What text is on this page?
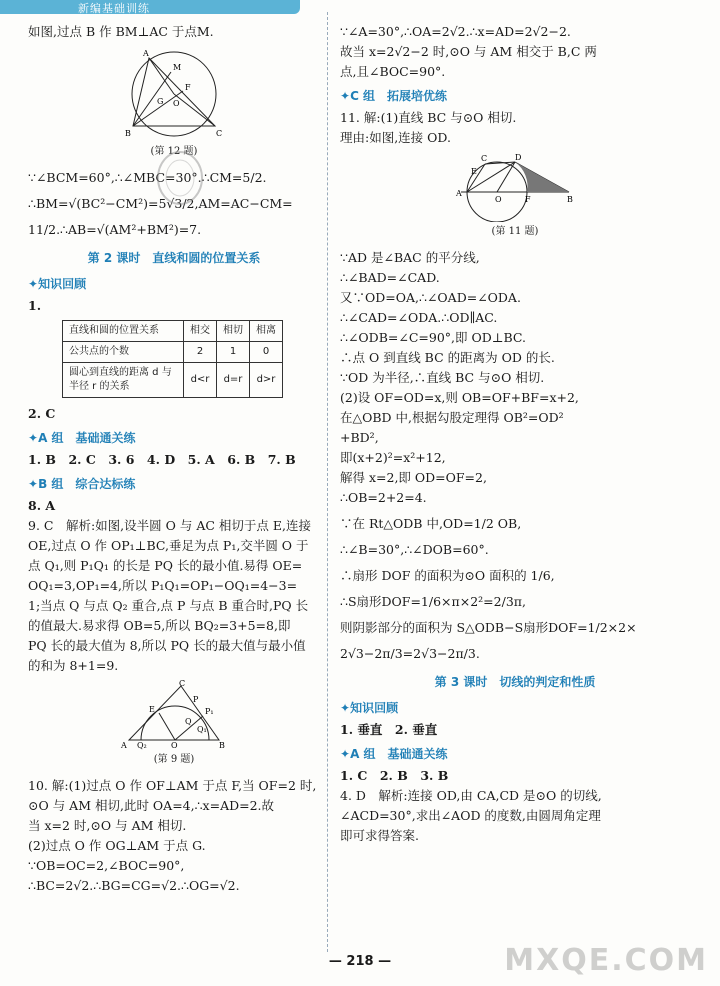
新编基础训练

如图,过点 B 作 BM⊥AC 于点M.

A
B	C
M
G O
F
(第 12 题)

∵∠BCM=60°,∴∠MBC=30°.∴CM=5/2.

∴BM=√(BC²−CM²)=5√3/2,AM=AC−CM=

11/2.∴AB=√(AM²+BM²)=7.

第 2 课时　直线和圆的位置关系
✦知识回顾

1.

直线和圆的位置关系	相交	相切	相离
公共点的个数	2	1	0
圆心到直线的距离 d 与半径 r 的关系	d<r	d=r	d>r

2. C

✦A 组　基础通关练

1. B　2. C　3. 6　4. D　5. A　6. B　7. B

✦B 组　综合达标练

8. A

9. C　解析:如图,设半圆 O 与 AC 相切于点 E,连接

OE,过点 O 作 OP₁⊥BC,垂足为点 P₁,交半圆 O 于

点 Q₁,则 P₁Q₁ 的长是 PQ 长的最小值.易得 OE=

OQ₁=3,OP₁=4,所以 P₁Q₁=OP₁−OQ₁=4−3=

1;当点 Q 与点 Q₂ 重合,点 P 与点 B 重合时,PQ 长

的值最大.易求得 OB=5,所以 BQ₂=3+5=8,即

PQ 长的最大值为 8,所以 PQ 长的最大值与最小值

的和为 8+1=9.

A Q₂	O	B
C
E
P
P₁
Q
Q₁
(第 9 题)

10. 解:(1)过点 O 作 OF⊥AM 于点 F,当 OF=2 时,

⊙O 与 AM 相切,此时 OA=4,∴x=AD=2.故

当 x=2 时,⊙O 与 AM 相切.

(2)过点 O 作 OG⊥AM 于点 G.

∵OB=OC=2,∠BOC=90°,

∴BC=2√2.∴BG=CG=√2.∴OG=√2.

∵∠A=30°,∴OA=2√2.∴x=AD=2√2−2.

故当 x=2√2−2 时,⊙O 与 AM 相交于 B,C 两

点,且∠BOC=90°.

✦C 组　拓展培优练

11. 解:(1)直线 BC 与⊙O 相切.

理由:如图,连接 OD.

A
B
C	D
E
O	F
(第 11 题)

∵AD 是∠BAC 的平分线,

∴∠BAD=∠CAD.

又∵OD=OA,∴∠OAD=∠ODA.

∴∠CAD=∠ODA.∴OD∥AC.

∴∠ODB=∠C=90°,即 OD⊥BC.

∴点 O 到直线 BC 的距离为 OD 的长.

∵OD 为半径,∴直线 BC 与⊙O 相切.

(2)设 OF=OD=x,则 OB=OF+BF=x+2,

在△OBD 中,根据勾股定理得 OB²=OD²

+BD²,

即(x+2)²=x²+12,

解得 x=2,即 OD=OF=2,

∴OB=2+2=4.

∵在 Rt△ODB 中,OD=1/2 OB,

∴∠B=30°,∴∠DOB=60°.

∴扇形 DOF 的面积为⊙O 面积的 1/6,

∴S扇形DOF=1/6×π×2²=2/3π,

则阴影部分的面积为 S△ODB−S扇形DOF=1/2×2×

2√3−2π/3=2√3−2π/3.

第 3 课时　切线的判定和性质
✦知识回顾

1. 垂直　2. 垂直

✦A 组　基础通关练

1. C　2. B　3. B

4. D　解析:连接 OD,由 CA,CD 是⊙O 的切线,

∠ACD=30°,求出∠AOD 的度数,由圆周角定理

即可求得答案.

— 218 —	MXQE.COM
